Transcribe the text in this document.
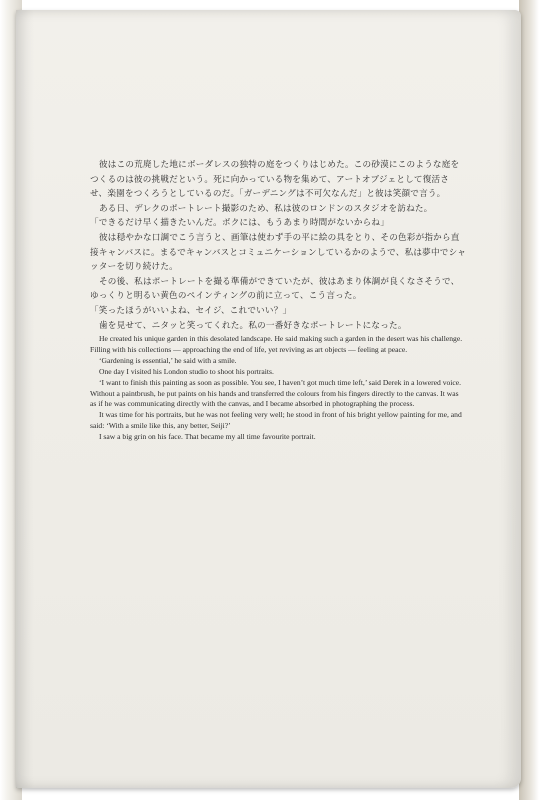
彼はこの荒廃した地にボーダレスの独特の庭をつくりはじめた。この砂漠にこのような庭をつくるのは彼の挑戦だという。死に向かっている物を集めて、アートオブジェとして復活させ、楽園をつくろうとしているのだ。「ガーデニングは不可欠なんだ」と彼は笑顔で言う。

ある日、デレクのポートレート撮影のため、私は彼のロンドンのスタジオを訪ねた。

「できるだけ早く描きたいんだ。ボクには、もうあまり時間がないからね」

彼は穏やかな口調でこう言うと、画筆は使わず手の平に絵の具をとり、その色彩が指から直接キャンバスに。まるでキャンバスとコミュニケーションしているかのようで、私は夢中でシャッターを切り続けた。

その後、私はポートレートを撮る準備ができていたが、彼はあまり体調が良くなさそうで、ゆっくりと明るい黄色のペインティングの前に立って、こう言った。

「笑ったほうがいいよね、セイジ、これでいい？」

歯を見せて、ニタッと笑ってくれた。私の一番好きなポートレートになった。

He created his unique garden in this desolated landscape. He said making such a garden in the desert was his challenge. Filling with his collections — approaching the end of life, yet reviving as art objects — feeling at peace.

‘Gardening is essential,’ he said with a smile.

One day I visited his London studio to shoot his portraits.

‘I want to finish this painting as soon as possible. You see, I haven’t got much time left,’ said Derek in a lowered voice. Without a paintbrush, he put paints on his hands and transferred the colours from his fingers directly to the canvas. It was as if he was communicating directly with the canvas, and I became absorbed in photographing the process.

It was time for his portraits, but he was not feeling very well; he stood in front of his bright yellow painting for me, and said: ‘With a smile like this, any better, Seiji?’

I saw a big grin on his face. That became my all time favourite portrait.
